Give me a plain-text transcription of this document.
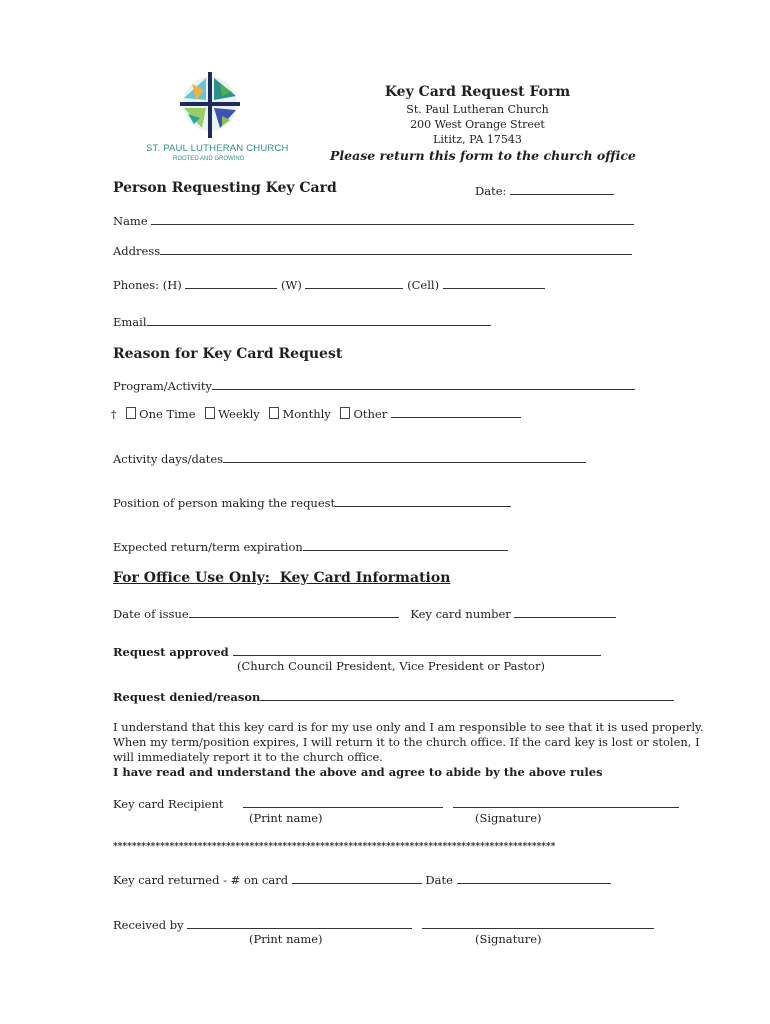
ST. PAUL LUTHERAN CHURCH
ROOTED AND GROWING
Key Card Request Form
St. Paul Lutheran Church
200 West Orange Street
Lititz, PA 17543
Please return this form to the church office
Person Requesting Key Card	Date:
Name
Address
Phones: (H)	(W)	(Cell)
Email
Reason for Key Card Request
Program/Activity
† One Time Weekly Monthly Other
Activity days/dates
Position of person making the request
Expected return/term expiration
For Office Use Only:  Key Card Information
Date of issue	Key card number
Request approved
(Church Council President, Vice President or Pastor)
Request denied/reason
I understand that this key card is for my use only and I am responsible to see that it is used properly.
When my term/position expires, I will return it to the church office. If the card key is lost or stolen, I
will immediately report it to the church office.
I have read and understand the above and agree to abide by the above rules
Key card Recipient
(Print name)	(Signature)
**********************************************************************************************
Key card returned - # on card	Date
Received by
(Print name)	(Signature)
